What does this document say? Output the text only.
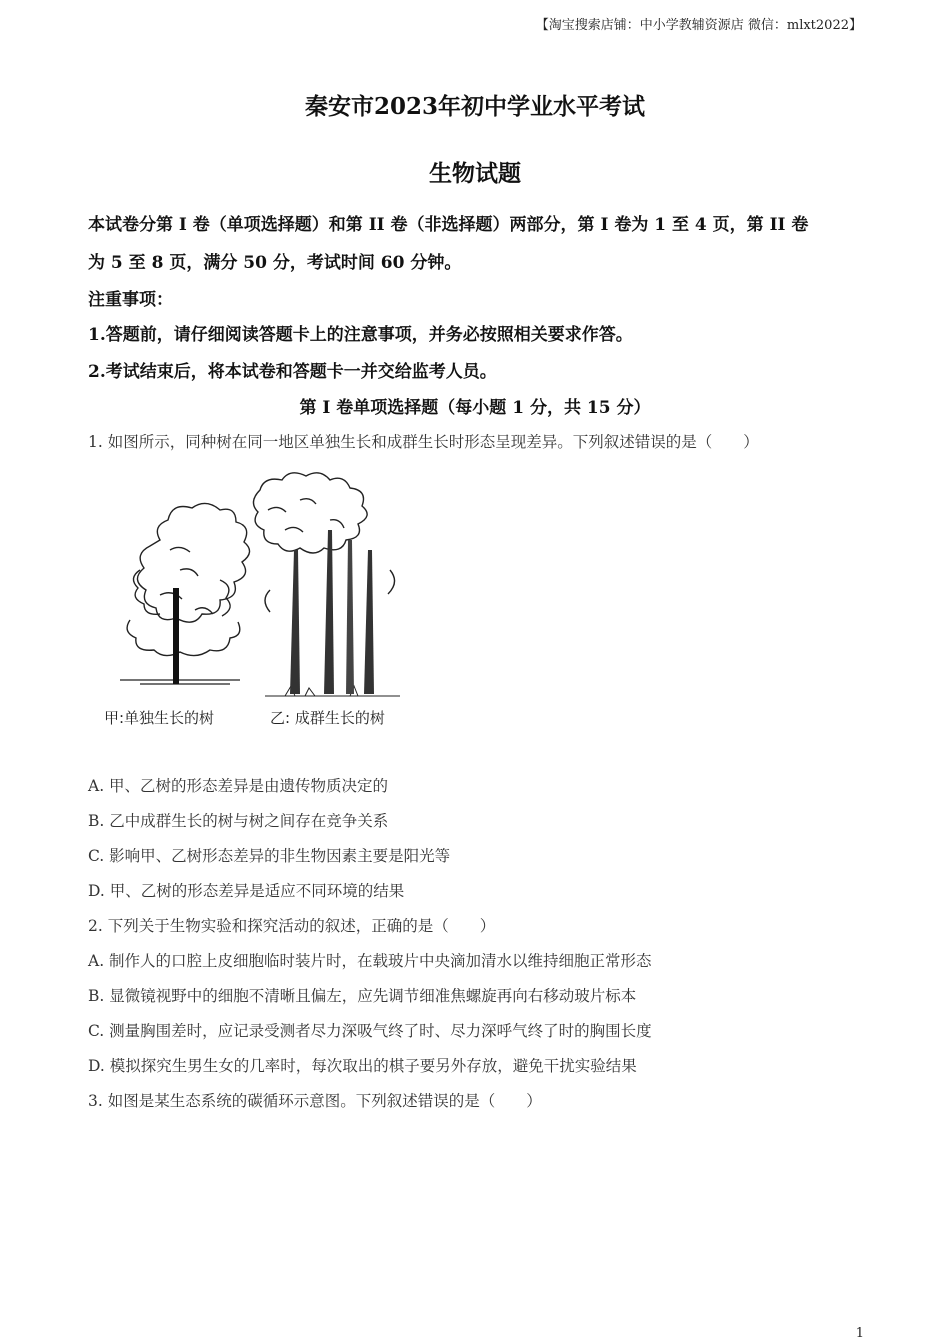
【淘宝搜索店铺：中小学教辅资源店 微信：mlxt2022】
秦安市2023年初中学业水平考试
生物试题
本试卷分第 I 卷（单项选择题）和第 II 卷（非选择题）两部分，第 I 卷为 1 至 4 页，第 II 卷
为 5 至 8 页，满分 50 分，考试时间 60 分钟。
注重事项：
1.答题前，请仔细阅读答题卡上的注意事项，并务必按照相关要求作答。
2.考试结束后，将本试卷和答题卡一并交给监考人员。
第 I 卷单项选择题（每小题 1 分，共 15 分）
1. 如图所示，同种树在同一地区单独生长和成群生长时形态呈现差异。下列叙述错误的是（　　）
甲:单独生长的树	乙: 成群生长的树
A. 甲、乙树的形态差异是由遗传物质决定的
B. 乙中成群生长的树与树之间存在竞争关系
C. 影响甲、乙树形态差异的非生物因素主要是阳光等
D. 甲、乙树的形态差异是适应不同环境的结果
2. 下列关于生物实验和探究活动的叙述，正确的是（　　）
A. 制作人的口腔上皮细胞临时装片时，在载玻片中央滴加清水以维持细胞正常形态
B. 显微镜视野中的细胞不清晰且偏左，应先调节细准焦螺旋再向右移动玻片标本
C. 测量胸围差时，应记录受测者尽力深吸气终了时、尽力深呼气终了时的胸围长度
D. 模拟探究生男生女的几率时，每次取出的棋子要另外存放，避免干扰实验结果
3. 如图是某生态系统的碳循环示意图。下列叙述错误的是（　　）
1
